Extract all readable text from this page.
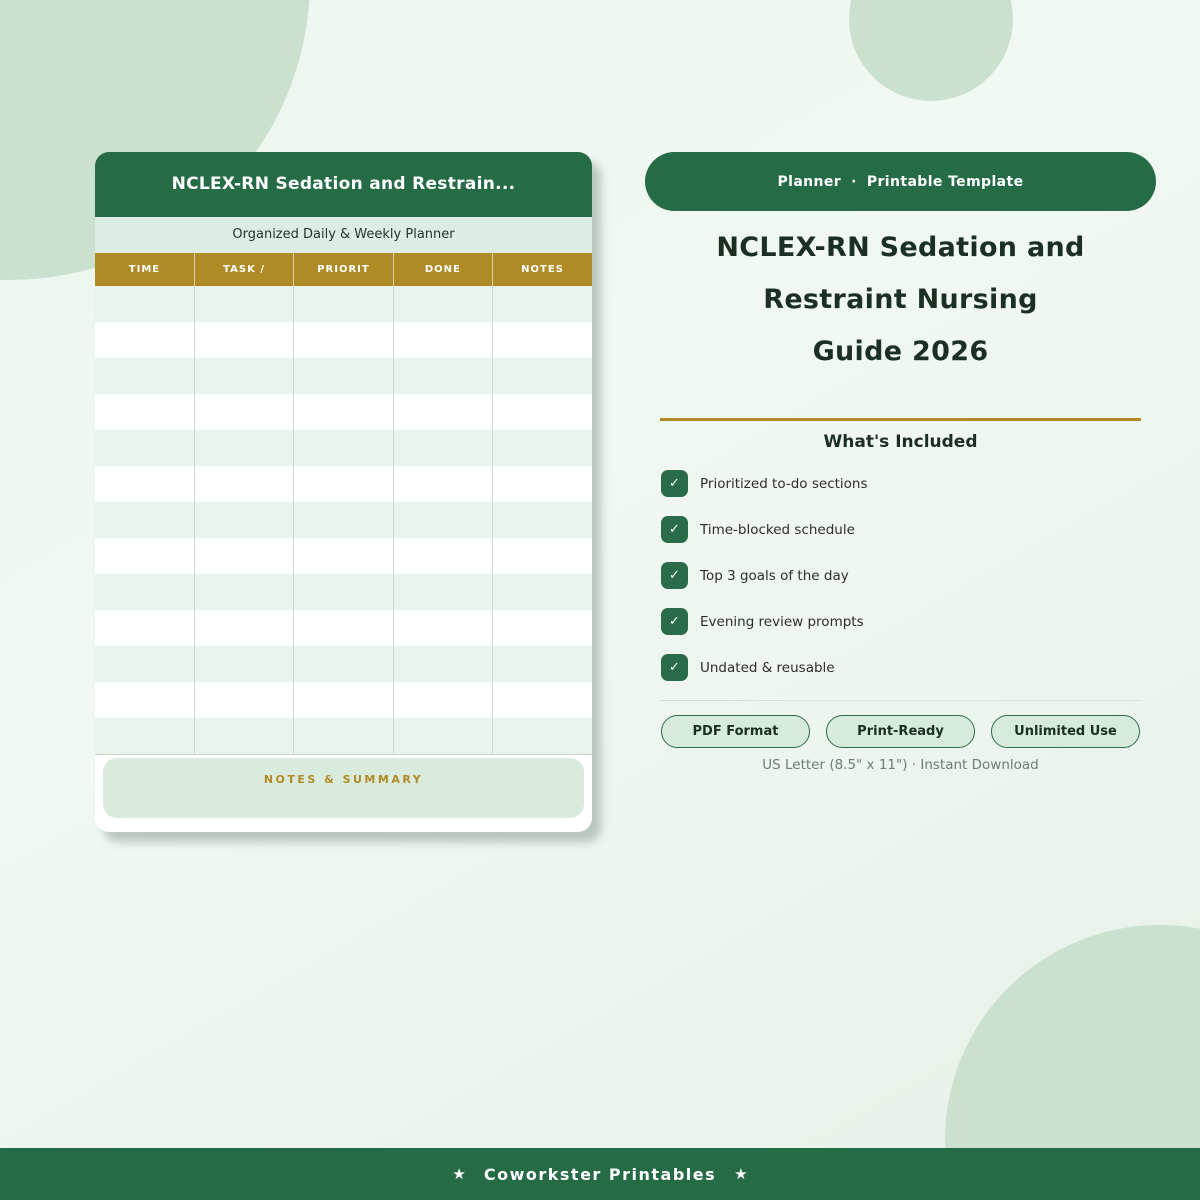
NCLEX-RN Sedation and Restrain...
Organized Daily & Weekly Planner
TIME	TASK /	PRIORIT	DONE	NOTES

NOTES & SUMMARY
Planner · Printable Template
NCLEX-RN Sedation and
Restraint Nursing
Guide 2026
What's Included
✓	Prioritized to-do sections
✓	Time-blocked schedule
✓	Top 3 goals of the day
✓	Evening review prompts
✓	Undated & reusable
PDF Format	Print-Ready	Unlimited Use
US Letter (8.5" x 11") · Instant Download
★ Coworkster Printables ★
